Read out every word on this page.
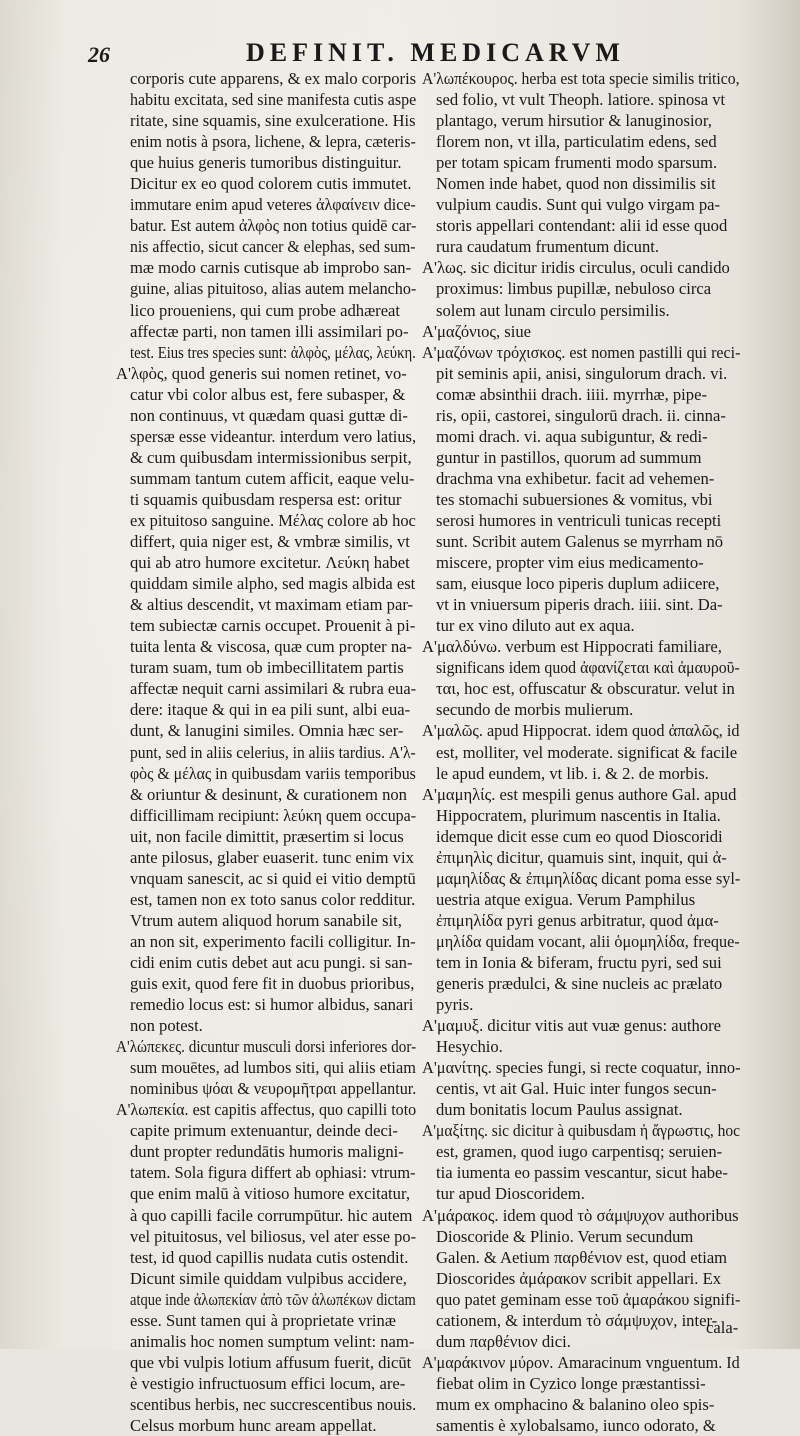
26	DEFINIT. MEDICARVM
corporis cute apparens, & ex malo corporis
habitu excitata, sed sine manifesta cutis aspe
ritate, sine squamis, sine exulceratione. His
enim notis à psora, lichene, & lepra, cæteris-
que huius generis tumoribus distinguitur.
Dicitur ex eo quod colorem cutis immutet.
immutare enim apud veteres ἀλφαίνειν dice-
batur. Est autem ἀλφὸς non totius quidē car-
nis affectio, sicut cancer & elephas, sed sum-
mæ modo carnis cutisque ab improbo san-
guine, alias pituitoso, alias autem melancho-
lico proueniens, qui cum probe adhæreat
affectæ parti, non tamen illi assimilari po-
test. Eius tres species sunt: ἀλφὸς, μέλας, λεύκη.
Α'λφὸς, quod generis sui nomen retinet, vo-
catur vbi color albus est, fere subasper, &
non continuus, vt quædam quasi guttæ di-
spersæ esse videantur. interdum vero latius,
& cum quibusdam intermissionibus serpit,
summam tantum cutem afficit, eaque velu-
ti squamis quibusdam respersa est: oritur
ex pituitoso sanguine. Μέλας colore ab hoc
differt, quia niger est, & vmbræ similis, vt
qui ab atro humore excitetur. Λεύκη habet
quiddam simile alpho, sed magis albida est
& altius descendit, vt maximam etiam par-
tem subiectæ carnis occupet. Prouenit à pi-
tuita lenta & viscosa, quæ cum propter na-
turam suam, tum ob imbecillitatem partis
affectæ nequit carni assimilari & rubra eua-
dere: itaque & qui in ea pili sunt, albi eua-
dunt, & lanugini similes. Omnia hæc ser-
punt, sed in aliis celerius, in aliis tardius. Α'λ-
φὸς & μέλας in quibusdam variis temporibus
& oriuntur & desinunt, & curationem non
difficillimam recipiunt: λεύκη quem occupa-
uit, non facile dimittit, præsertim si locus
ante pilosus, glaber euaserit. tunc enim vix
vnquam sanescit, ac si quid ei vitio demptū
est, tamen non ex toto sanus color redditur.
Vtrum autem aliquod horum sanabile sit,
an non sit, experimento facili colligitur. In-
cidi enim cutis debet aut acu pungi. si san-
guis exit, quod fere fit in duobus prioribus,
remedio locus est: si humor albidus, sanari
non potest.
Α'λώπεκες. dicuntur musculi dorsi inferiores dor-
sum mouētes, ad lumbos siti, qui aliis etiam
nominibus ψόαι & νευρομῆτραι appellantur.
Α'λωπεκία. est capitis affectus, quo capilli toto
capite primum extenuantur, deinde deci-
dunt propter redundātis humoris maligni-
tatem. Sola figura differt ab ophiasi: vtrum-
que enim malū à vitioso humore excitatur,
à quo capilli facile corrumpūtur. hic autem
vel pituitosus, vel biliosus, vel ater esse po-
test, id quod capillis nudata cutis ostendit.
Dicunt simile quiddam vulpibus accidere,
atque inde ἀλωπεκίαν ἀπὸ τῶν ἀλωπέκων dictam
esse. Sunt tamen qui à proprietate vrinæ
animalis hoc nomen sumptum velint: nam-
que vbi vulpis lotium affusum fuerit, dicūt
è vestigio infructuosum effici locum, are-
scentibus herbis, nec succrescentibus nouis.
Celsus morbum hunc aream appellat.
Α'λωπέκουρος. herba est tota specie similis tritico,
sed folio, vt vult Theoph. latiore. spinosa vt
plantago, verum hirsutior & lanuginosior,
florem non, vt illa, particulatim edens, sed
per totam spicam frumenti modo sparsum.
Nomen inde habet, quod non dissimilis sit
vulpium caudis. Sunt qui vulgo virgam pa-
storis appellari contendant: alii id esse quod
rura caudatum frumentum dicunt.
Α'λως. sic dicitur iridis circulus, oculi candido
proximus: limbus pupillæ, nebuloso circa
solem aut lunam circulo persimilis.
Α'μαζόνιος, siue
Α'μαζόνων τρόχισκος. est nomen pastilli qui reci-
pit seminis apii, anisi, singulorum drach. vi.
comæ absinthii drach. iiii. myrrhæ, pipe-
ris, opii, castorei, singulorū drach. ii. cinna-
momi drach. vi. aqua subiguntur, & redi-
guntur in pastillos, quorum ad summum
drachma vna exhibetur. facit ad vehemen-
tes stomachi subuersiones & vomitus, vbi
serosi humores in ventriculi tunicas recepti
sunt. Scribit autem Galenus se myrrham nō
miscere, propter vim eius medicamento-
sam, eiusque loco piperis duplum adiicere,
vt in vniuersum piperis drach. iiii. sint. Da-
tur ex vino diluto aut ex aqua.
Α'μαλδύνω. verbum est Hippocrati familiare,
significans idem quod ἀφανίζεται καὶ ἀμαυροῦ-
ται, hoc est, offuscatur & obscuratur. velut in
secundo de morbis mulierum.
Α'μαλῶς. apud Hippocrat. idem quod ἁπαλῶς, id
est, molliter, vel moderate. significat & facile
le apud eundem, vt lib. i. & 2. de morbis.
Α'μαμηλίς. est mespili genus authore Gal. apud
Hippocratem, plurimum nascentis in Italia.
idemque dicit esse cum eo quod Dioscoridi
ἐπιμηλὶς dicitur, quamuis sint, inquit, qui ἀ-
μαμηλίδας & ἐπιμηλίδας dicant poma esse syl-
uestria atque exigua. Verum Pamphilus
ἐπιμηλίδα pyri genus arbitratur, quod ἀμα-
μηλίδα quidam vocant, alii ὁμομηλίδα, freque-
tem in Ionia & biferam, fructu pyri, sed sui
generis prædulci, & sine nucleis ac prælato
pyris.
Α'μαμυξ. dicitur vitis aut vuæ genus: authore
Hesychio.
Α'μανίτης. species fungi, si recte coquatur, inno-
centis, vt ait Gal. Huic inter fungos secun-
dum bonitatis locum Paulus assignat.
Α'μαξίτης. sic dicitur à quibusdam ἡ ἄγρωστις, hoc
est, gramen, quod iugo carpentisq; seruien-
tia iumenta eo passim vescantur, sicut habe-
tur apud Dioscoridem.
Α'μάρακος. idem quod τὸ σάμψυχον authoribus
Dioscoride & Plinio. Verum secundum
Galen. & Aetium παρθένιον est, quod etiam
Dioscorides ἀμάρακον scribit appellari. Ex
quo patet geminam esse τοῦ ἀμαράκου signifi-
cationem, & interdum τὸ σάμψυχον, inter-
dum παρθένιον dici.
Α'μαράκινον μύρον. Amaracinum vnguentum. Id
fiebat olim in Cyzico longe præstantissi-
mum ex omphacino & balanino oleo spis-
samentis è xylobalsamo, iunco odorato, &
cala-
